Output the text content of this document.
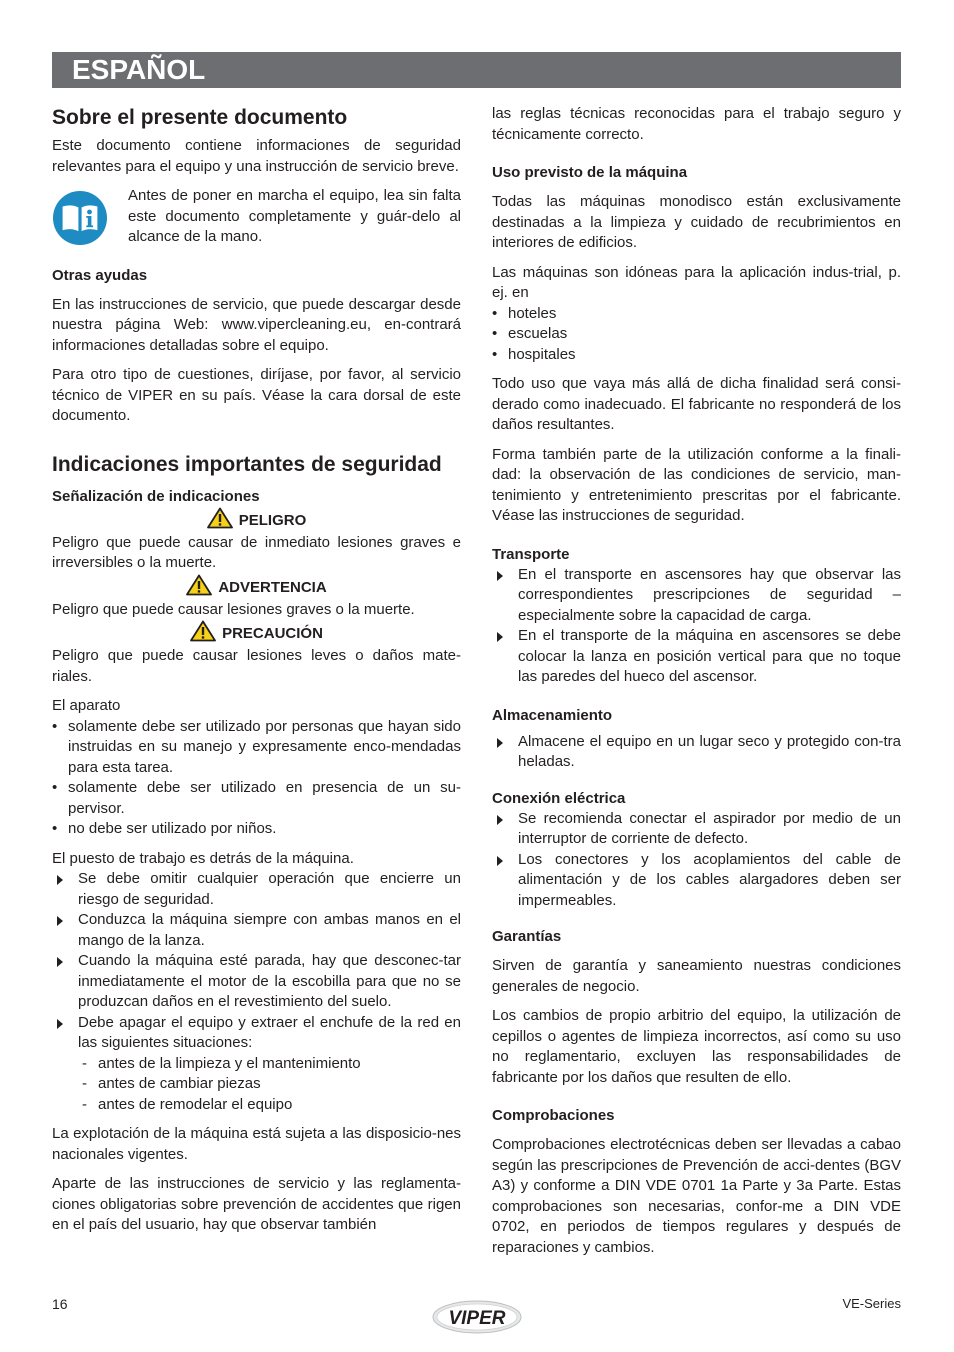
ESPAÑOL
Sobre el presente documento

Este documento contiene informaciones de seguridad relevantes para el equipo y una instrucción de servicio breve.

Antes de poner en marcha el equipo, lea sin falta este documento completamente y guár-delo al alcance de la mano.

Otras ayudas

En las instrucciones de servicio, que puede descargar desde nuestra página Web: www.vipercleaning.eu, en-contrará informaciones detalladas sobre el equipo.

Para otro tipo de cuestiones, diríjase, por favor, al servicio técnico de VIPER en su país. Véase la cara dorsal de este documento.

Indicaciones importantes de seguridad
Señalización de indicaciones
PELIGRO

Peligro que puede causar de inmediato lesiones graves e irreversibles o la muerte.

ADVERTENCIA

Peligro que puede causar lesiones graves o la muerte.

PRECAUCIÓN

Peligro que puede causar lesiones leves o daños mate-riales.

El aparato

• solamente debe ser utilizado por personas que hayan sido instruidas en su manejo y expresamente enco-mendadas para esta tarea.
• solamente debe ser utilizado en presencia de un su-pervisor.
• no debe ser utilizado por niños.

El puesto de trabajo es detrás de la máquina.

Se debe omitir cualquier operación que encierre un riesgo de seguridad.
Conduzca la máquina siempre con ambas manos en el mango de la lanza.
Cuando la máquina esté parada, hay que desconec-tar inmediatamente el motor de la escobilla para que no se produzcan daños en el revestimiento del suelo.
Debe apagar el equipo y extraer el enchufe de la red en las siguientes situaciones:
- antes de la limpieza y el mantenimiento
- antes de cambiar piezas
- antes de remodelar el equipo

La explotación de la máquina está sujeta a las disposicio-nes nacionales vigentes.

Aparte de las instrucciones de servicio y las reglamenta-ciones obligatorias sobre prevención de accidentes que rigen en el país del usuario, hay que observar también

las reglas técnicas reconocidas para el trabajo seguro y técnicamente correcto.

Uso previsto de la máquina

Todas las máquinas monodisco están exclusivamente destinadas a la limpieza y cuidado de recubrimientos en interiores de edificios.

Las máquinas son idóneas para la aplicación indus-trial, p. ej. en

• hoteles
• escuelas
• hospitales

Todo uso que vaya más allá de dicha finalidad será consi-derado como inadecuado. El fabricante no responderá de los daños resultantes.

Forma también parte de la utilización conforme a la finali-dad: la observación de las condiciones de servicio, man-tenimiento y entretenimiento prescritas por el fabricante. Véase las instrucciones de seguridad.

Transporte
En el transporte en ascensores hay que observar las correspondientes prescripciones de seguridad –especialmente sobre la capacidad de carga.
En el transporte de la máquina en ascensores se debe colocar la lanza en posición vertical para que no toque las paredes del hueco del ascensor.
Almacenamiento
Almacene el equipo en un lugar seco y protegido con-tra heladas.
Conexión eléctrica
Se recomienda conectar el aspirador por medio de un interruptor de corriente de defecto.
Los conectores y los acoplamientos del cable de alimentación y de los cables alargadores deben ser impermeables.
Garantías

Sirven de garantía y saneamiento nuestras condiciones generales de negocio.

Los cambios de propio arbitrio del equipo, la utilización de cepillos o agentes de limpieza incorrectos, así como su uso no reglamentario, excluyen las responsabilidades de fabricante por los daños que resulten de ello.

Comprobaciones

Comprobaciones electrotécnicas deben ser llevadas a cabao según las prescripciones de Prevención de acci-dentes (BGV A3) y conforme a DIN VDE 0701 1a Parte y 3a Parte. Estas comprobaciones son necesarias, confor-me a DIN VDE 0702, en periodos de tiempos regulares y después de reparaciones y cambios.

16
VIPER
VE-Series
